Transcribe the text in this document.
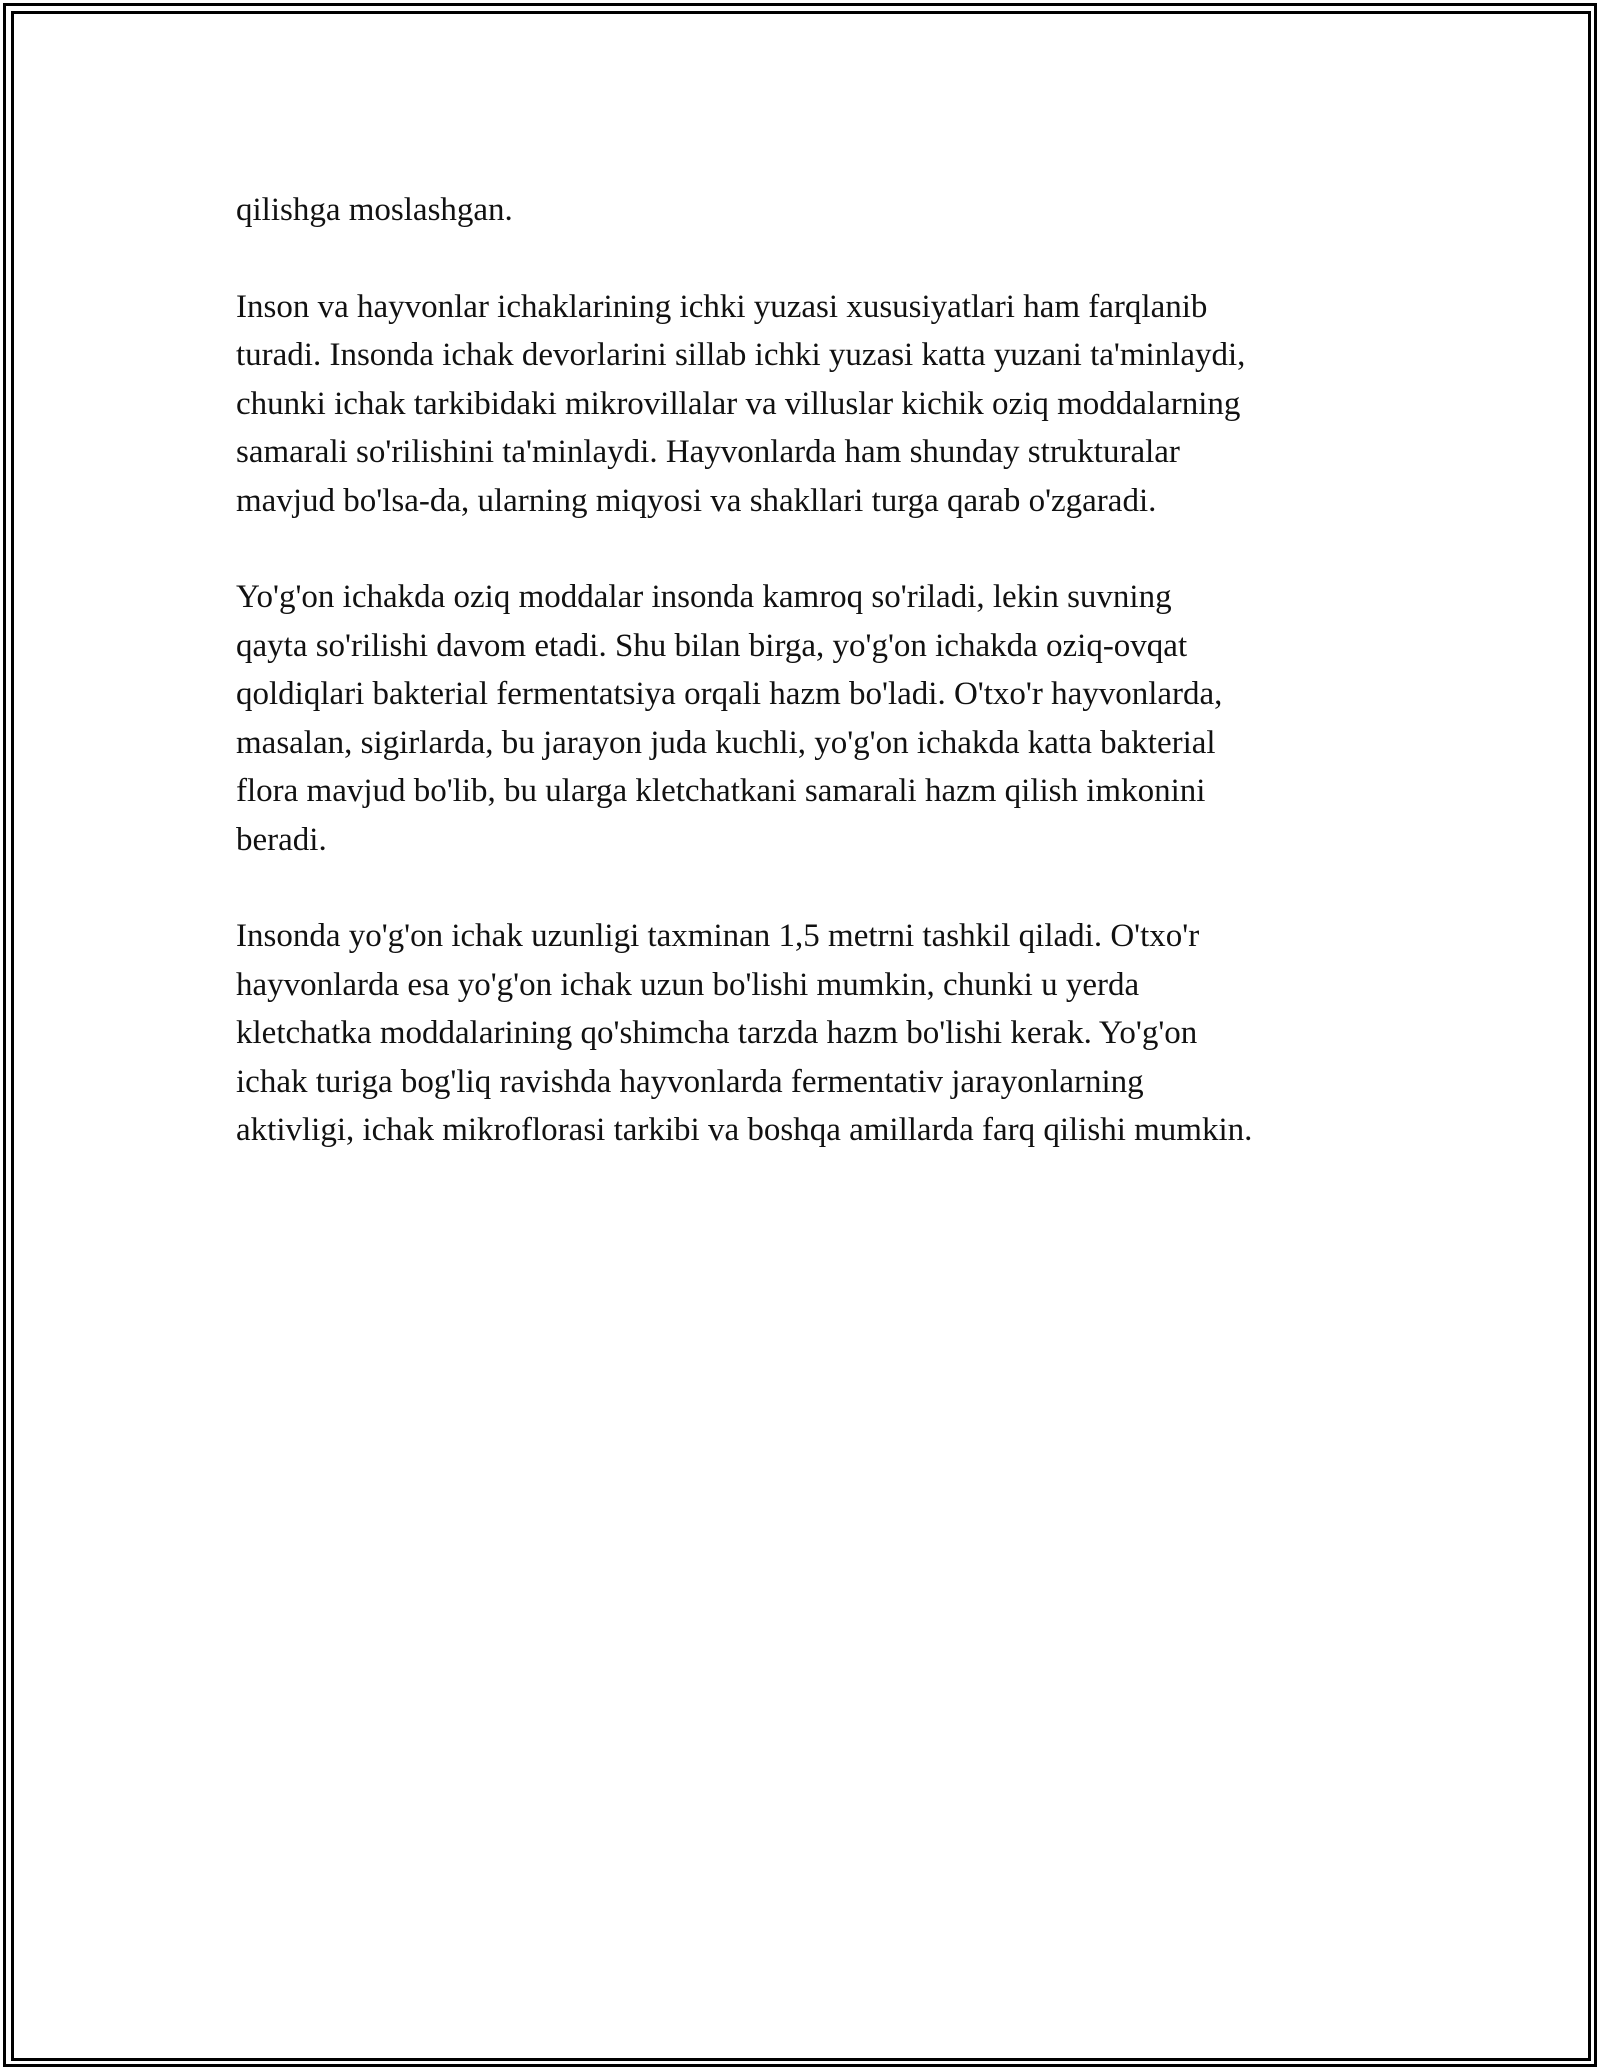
qilishga moslashgan.

Inson va hayvonlar ichaklarining ichki yuzasi xususiyatlari ham farqlanib
turadi. Insonda ichak devorlarini sillab ichki yuzasi katta yuzani ta'minlaydi,
chunki ichak tarkibidaki mikrovillalar va villuslar kichik oziq moddalarning
samarali so'rilishini ta'minlaydi. Hayvonlarda ham shunday strukturalar
mavjud bo'lsa-da, ularning miqyosi va shakllari turga qarab o'zgaradi.

Yo'g'on ichakda oziq moddalar insonda kamroq so'riladi, lekin suvning
qayta so'rilishi davom etadi. Shu bilan birga, yo'g'on ichakda oziq-ovqat
qoldiqlari bakterial fermentatsiya orqali hazm bo'ladi. O'txo'r hayvonlarda,
masalan, sigirlarda, bu jarayon juda kuchli, yo'g'on ichakda katta bakterial
flora mavjud bo'lib, bu ularga kletchatkani samarali hazm qilish imkonini
beradi.

Insonda yo'g'on ichak uzunligi taxminan 1,5 metrni tashkil qiladi. O'txo'r
hayvonlarda esa yo'g'on ichak uzun bo'lishi mumkin, chunki u yerda
kletchatka moddalarining qo'shimcha tarzda hazm bo'lishi kerak. Yo'g'on
ichak turiga bog'liq ravishda hayvonlarda fermentativ jarayonlarning
aktivligi, ichak mikroflorasi tarkibi va boshqa amillarda farq qilishi mumkin.
